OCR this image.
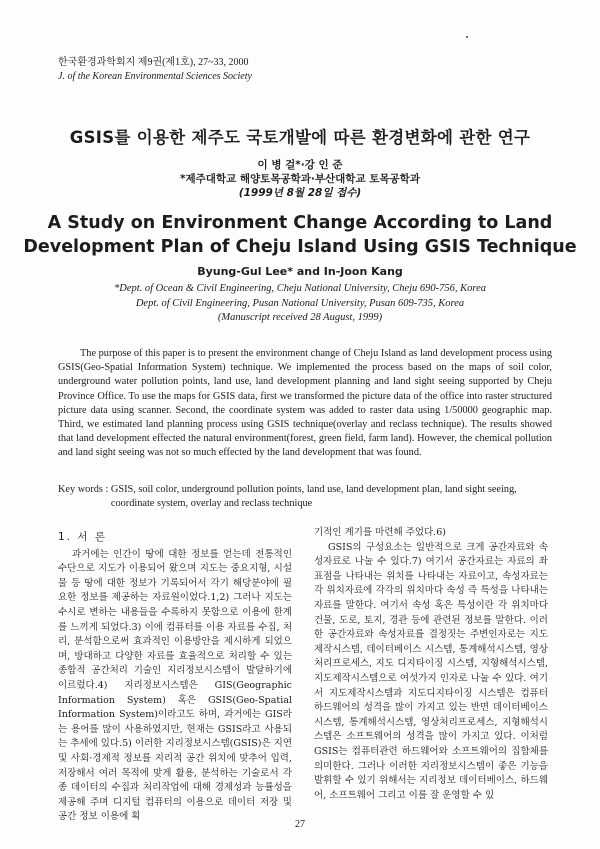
한국환경과학회지 제9권(제1호), 27~33, 2000
J. of the Korean Environmental Sciences Society
GSIS를 이용한 제주도 국토개발에 따른 환경변화에 관한 연구
이 병 걸*·강 인 준
*제주대학교 해양토목공학과·부산대학교 토목공학과
(1999년 8월 28일 접수)
A Study on Environment Change According to Land
Development Plan of Cheju Island Using GSIS Technique
Byung-Gul Lee* and In-Joon Kang
*Dept. of Ocean & Civil Engineering, Cheju National University, Cheju 690-756, Korea
Dept. of Civil Engineering, Pusan National University, Pusan 609-735, Korea
(Manuscript received 28 August, 1999)

The purpose of this paper is to present the environment change of Cheju Island as land development process using GSIS(Geo-Spatial Information System) technique. We implemented the process based on the maps of soil color, underground water pollution points, land use, land development planning and land sight seeing supported by Cheju Province Office. To use the maps for GSIS data, first we transformed the picture data of the office into raster structured picture data using scanner. Second, the coordinate system was added to raster data using 1/50000 geographic map. Third, we estimated land planning process using GSIS technique(overlay and reclass technique). The results showed that land development effected the natural environment(forest, green field, farm land). However, the chemical pollution and land sight seeing was not so much effected by the land development that was found.

Key words : GSIS, soil color, underground pollution points, land use, land development plan, land sight seeing, coordinate system, overlay and reclass technique
1. 서 론

과거에는 인간이 땅에 대한 정보를 얻는데 전통적인 수단으로 지도가 이용되어 왔으며 지도는 중요지형, 시설물 등 땅에 대한 정보가 기록되어서 각기 해당분야에 필요한 정보를 제공하는 자료원이었다.1,2) 그러나 지도는 수시로 변하는 내용들을 수록하지 못함으로 이용에 한계를 느끼게 되었다.3) 이에 컴퓨터를 이용 자료를 수집, 처리, 분석함으로써 효과적인 이용방안을 제시하게 되었으며, 방대하고 다양한 자료를 효율적으로 처리할 수 있는 종합적 공간처리 기술인 지리정보시스템이 발달하기에 이르렀다.4) 지리정보시스템은 GIS(Geographic Information System) 혹은 GSIS(Geo-Spatial Information System)이라고도 하며, 과거에는 GIS라는 용어를 많이 사용하였지만, 현재는 GSIS라고 사용되는 추세에 있다.5) 이러한 지리정보시스템(GSIS)은 지연 및 사회·경제적 정보를 지리적 공간 위치에 맞추어 입력, 저장해서 여러 목적에 맞게 활용, 분석하는 기술로서 각종 데이터의 수집과 처리작업에 대해 경제성과 능률성을 제공해 주며 디지털 컴퓨터의 이용으로 데이터 저장 및 공간 정보 이용에 획

기적인 계기를 마련해 주었다.6)

GSIS의 구성요소는 일반적으로 크게 공간자료와 속성자료로 나눌 수 있다.7) 여기서 공간자료는 자료의 좌표점을 나타내는 위치를 나타내는 자료이고, 속성자료는 각 위치자료에 각각의 위치마다 속성 즉 특성을 나타내는 자료를 말한다. 여기서 속성 혹은 특성이란 각 위치마다 건물, 도로, 토지, 경관 등에 관련된 정보를 말한다. 이러한 공간자료와 속성자료를 결정짓는 주변인자로는 지도제작시스템, 데이터베이스 시스템, 통계해석시스템, 영상처리프로세스, 지도 디지타이징 시스템, 지형해석시스템, 지도제작시스템으로 여섯가지 인자로 나눌 수 있다. 여기서 지도제작시스템과 지도디지타이징 시스템은 컴퓨터 하드웨어의 성격을 많이 가지고 있는 반면 데이터베이스시스템, 통계해석시스템, 영상처리프로세스, 지형해석시스템은 소프트웨어의 성격을 많이 가지고 있다. 이처럼 GSIS는 컴퓨터관련 하드웨어와 소프트웨어의 집합체를 의미한다. 그러나 이러한 지리정보시스템이 좋은 기능을 발휘할 수 있기 위해서는 지리정보 데이터베이스, 하드웨어, 소프트웨어 그리고 이를 잘 운영할 수 있

27
